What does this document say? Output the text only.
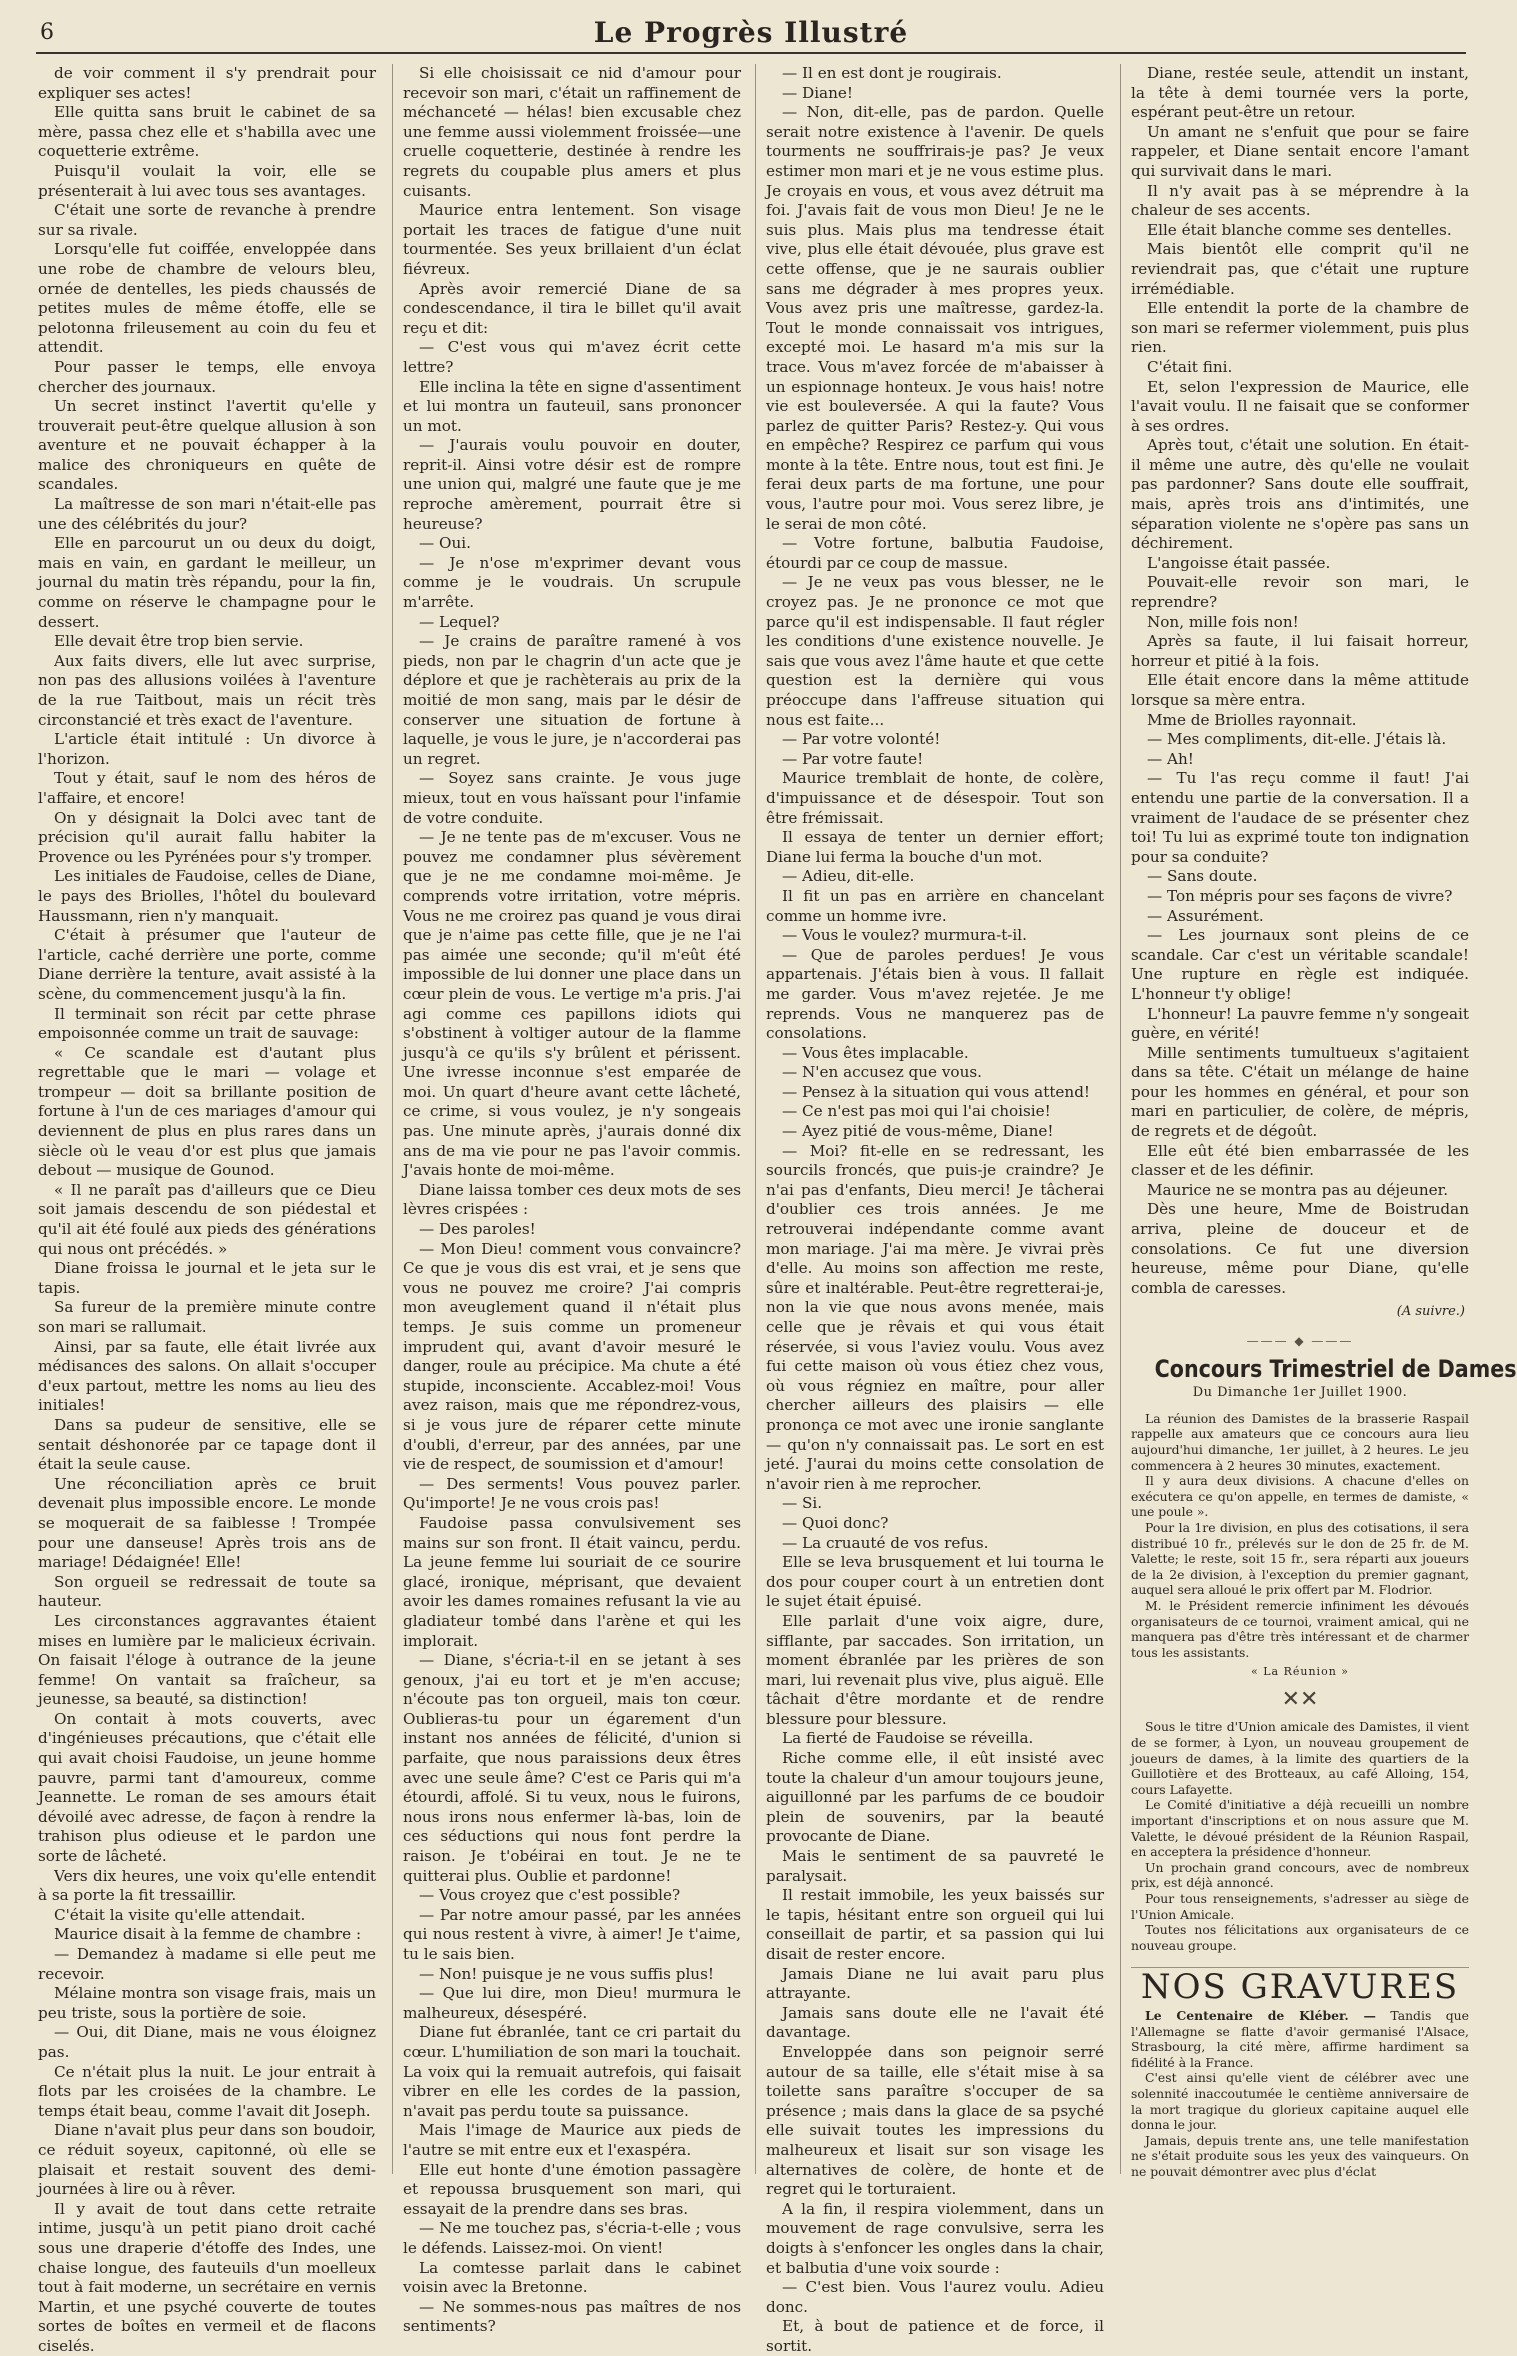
6	Le Progrès Illustré

de voir comment il s'y prendrait pour expliquer ses actes!

Elle quitta sans bruit le cabinet de sa mère, passa chez elle et s'habilla avec une coquetterie extrême.

Puisqu'il voulait la voir, elle se présenterait à lui avec tous ses avantages.

C'était une sorte de revanche à prendre sur sa rivale.

Lorsqu'elle fut coiffée, enveloppée dans une robe de chambre de velours bleu, ornée de dentelles, les pieds chaussés de petites mules de même étoffe, elle se pelotonna frileusement au coin du feu et attendit.

Pour passer le temps, elle envoya chercher des journaux.

Un secret instinct l'avertit qu'elle y trouverait peut-être quelque allusion à son aventure et ne pouvait échapper à la malice des chroniqueurs en quête de scandales.

La maîtresse de son mari n'était-elle pas une des célébrités du jour?

Elle en parcourut un ou deux du doigt, mais en vain, en gardant le meilleur, un journal du matin très répandu, pour la fin, comme on réserve le champagne pour le dessert.

Elle devait être trop bien servie.

Aux faits divers, elle lut avec surprise, non pas des allusions voilées à l'aventure de la rue Taitbout, mais un récit très circonstancié et très exact de l'aventure.

L'article était intitulé : Un divorce à l'horizon.

Tout y était, sauf le nom des héros de l'affaire, et encore!

On y désignait la Dolci avec tant de précision qu'il aurait fallu habiter la Provence ou les Pyrénées pour s'y tromper.

Les initiales de Faudoise, celles de Diane, le pays des Briolles, l'hôtel du boulevard Haussmann, rien n'y manquait.

C'était à présumer que l'auteur de l'article, caché derrière une porte, comme Diane derrière la tenture, avait assisté à la scène, du commencement jusqu'à la fin.

Il terminait son récit par cette phrase empoisonnée comme un trait de sauvage:

« Ce scandale est d'autant plus regrettable que le mari — volage et trompeur — doit sa brillante position de fortune à l'un de ces mariages d'amour qui deviennent de plus en plus rares dans un siècle où le veau d'or est plus que jamais debout — musique de Gounod.

« Il ne paraît pas d'ailleurs que ce Dieu soit jamais descendu de son piédestal et qu'il ait été foulé aux pieds des générations qui nous ont précédés. »

Diane froissa le journal et le jeta sur le tapis.

Sa fureur de la première minute contre son mari se rallumait.

Ainsi, par sa faute, elle était livrée aux médisances des salons. On allait s'occuper d'eux partout, mettre les noms au lieu des initiales!

Dans sa pudeur de sensitive, elle se sentait déshonorée par ce tapage dont il était la seule cause.

Une réconciliation après ce bruit devenait plus impossible encore. Le monde se moquerait de sa faiblesse ! Trompée pour une danseuse! Après trois ans de mariage! Dédaignée! Elle!

Son orgueil se redressait de toute sa hauteur.

Les circonstances aggravantes étaient mises en lumière par le malicieux écrivain. On faisait l'éloge à outrance de la jeune femme! On vantait sa fraîcheur, sa jeunesse, sa beauté, sa distinction!

On contait à mots couverts, avec d'ingénieuses précautions, que c'était elle qui avait choisi Faudoise, un jeune homme pauvre, parmi tant d'amoureux, comme Jeannette. Le roman de ses amours était dévoilé avec adresse, de façon à rendre la trahison plus odieuse et le pardon une sorte de lâcheté.

Vers dix heures, une voix qu'elle entendit à sa porte la fit tressaillir.

C'était la visite qu'elle attendait.

Maurice disait à la femme de chambre :

— Demandez à madame si elle peut me recevoir.

Mélaine montra son visage frais, mais un peu triste, sous la portière de soie.

— Oui, dit Diane, mais ne vous éloignez pas.

Ce n'était plus la nuit. Le jour entrait à flots par les croisées de la chambre. Le temps était beau, comme l'avait dit Joseph.

Diane n'avait plus peur dans son boudoir, ce réduit soyeux, capitonné, où elle se plaisait et restait souvent des demi-journées à lire ou à rêver.

Il y avait de tout dans cette retraite intime, jusqu'à un petit piano droit caché sous une draperie d'étoffe des Indes, une chaise longue, des fauteuils d'un moelleux tout à fait moderne, un secrétaire en vernis Martin, et une psyché couverte de toutes sortes de boîtes en vermeil et de flacons ciselés.

Si elle choisissait ce nid d'amour pour recevoir son mari, c'était un raffinement de méchanceté — hélas! bien excusable chez une femme aussi violemment froissée—une cruelle coquetterie, destinée à rendre les regrets du coupable plus amers et plus cuisants.

Maurice entra lentement. Son visage portait les traces de fatigue d'une nuit tourmentée. Ses yeux brillaient d'un éclat fiévreux.

Après avoir remercié Diane de sa condescendance, il tira le billet qu'il avait reçu et dit:

— C'est vous qui m'avez écrit cette lettre?

Elle inclina la tête en signe d'assentiment et lui montra un fauteuil, sans prononcer un mot.

— J'aurais voulu pouvoir en douter, reprit-il. Ainsi votre désir est de rompre une union qui, malgré une faute que je me reproche amèrement, pourrait être si heureuse?

— Oui.

— Je n'ose m'exprimer devant vous comme je le voudrais. Un scrupule m'arrête.

— Lequel?

— Je crains de paraître ramené à vos pieds, non par le chagrin d'un acte que je déplore et que je rachèterais au prix de la moitié de mon sang, mais par le désir de conserver une situation de fortune à laquelle, je vous le jure, je n'accorderai pas un regret.

— Soyez sans crainte. Je vous juge mieux, tout en vous haïssant pour l'infamie de votre conduite.

— Je ne tente pas de m'excuser. Vous ne pouvez me condamner plus sévèrement que je ne me condamne moi-même. Je comprends votre irritation, votre mépris. Vous ne me croirez pas quand je vous dirai que je n'aime pas cette fille, que je ne l'ai pas aimée une seconde; qu'il m'eût été impossible de lui donner une place dans un cœur plein de vous. Le vertige m'a pris. J'ai agi comme ces papillons idiots qui s'obstinent à voltiger autour de la flamme jusqu'à ce qu'ils s'y brûlent et périssent. Une ivresse inconnue s'est emparée de moi. Un quart d'heure avant cette lâcheté, ce crime, si vous voulez, je n'y songeais pas. Une minute après, j'aurais donné dix ans de ma vie pour ne pas l'avoir commis. J'avais honte de moi-même.

Diane laissa tomber ces deux mots de ses lèvres crispées :

— Des paroles!

— Mon Dieu! comment vous convaincre? Ce que je vous dis est vrai, et je sens que vous ne pouvez me croire? J'ai compris mon aveuglement quand il n'était plus temps. Je suis comme un promeneur imprudent qui, avant d'avoir mesuré le danger, roule au précipice. Ma chute a été stupide, inconsciente. Accablez-moi! Vous avez raison, mais que me répondrez-vous, si je vous jure de réparer cette minute d'oubli, d'erreur, par des années, par une vie de respect, de soumission et d'amour!

— Des serments! Vous pouvez parler. Qu'importe! Je ne vous crois pas!

Faudoise passa convulsivement ses mains sur son front. Il était vaincu, perdu. La jeune femme lui souriait de ce sourire glacé, ironique, méprisant, que devaient avoir les dames romaines refusant la vie au gladiateur tombé dans l'arène et qui les implorait.

— Diane, s'écria-t-il en se jetant à ses genoux, j'ai eu tort et je m'en accuse; n'écoute pas ton orgueil, mais ton cœur. Oublieras-tu pour un égarement d'un instant nos années de félicité, d'union si parfaite, que nous paraissions deux êtres avec une seule âme? C'est ce Paris qui m'a étourdi, affolé. Si tu veux, nous le fuirons, nous irons nous enfermer là-bas, loin de ces séductions qui nous font perdre la raison. Je t'obéirai en tout. Je ne te quitterai plus. Oublie et pardonne!

— Vous croyez que c'est possible?

— Par notre amour passé, par les années qui nous restent à vivre, à aimer! Je t'aime, tu le sais bien.

— Non! puisque je ne vous suffis plus!

— Que lui dire, mon Dieu! murmura le malheureux, désespéré.

Diane fut ébranlée, tant ce cri partait du cœur. L'humiliation de son mari la touchait. La voix qui la remuait autrefois, qui faisait vibrer en elle les cordes de la passion, n'avait pas perdu toute sa puissance.

Mais l'image de Maurice aux pieds de l'autre se mit entre eux et l'exaspéra.

Elle eut honte d'une émotion passagère et repoussa brusquement son mari, qui essayait de la prendre dans ses bras.

— Ne me touchez pas, s'écria-t-elle ; vous le défends. Laissez-moi. On vient!

La comtesse parlait dans le cabinet voisin avec la Bretonne.

— Ne sommes-nous pas maîtres de nos sentiments?

— Il en est dont je rougirais.

— Diane!

— Non, dit-elle, pas de pardon. Quelle serait notre existence à l'avenir. De quels tourments ne souffrirais-je pas? Je veux estimer mon mari et je ne vous estime plus. Je croyais en vous, et vous avez détruit ma foi. J'avais fait de vous mon Dieu! Je ne le suis plus. Mais plus ma tendresse était vive, plus elle était dévouée, plus grave est cette offense, que je ne saurais oublier sans me dégrader à mes propres yeux. Vous avez pris une maîtresse, gardez-la. Tout le monde connaissait vos intrigues, excepté moi. Le hasard m'a mis sur la trace. Vous m'avez forcée de m'abaisser à un espionnage honteux. Je vous hais! notre vie est bouleversée. A qui la faute? Vous parlez de quitter Paris? Restez-y. Qui vous en empêche? Respirez ce parfum qui vous monte à la tête. Entre nous, tout est fini. Je ferai deux parts de ma fortune, une pour vous, l'autre pour moi. Vous serez libre, je le serai de mon côté.

— Votre fortune, balbutia Faudoise, étourdi par ce coup de massue.

— Je ne veux pas vous blesser, ne le croyez pas. Je ne prononce ce mot que parce qu'il est indispensable. Il faut régler les conditions d'une existence nouvelle. Je sais que vous avez l'âme haute et que cette question est la dernière qui vous préoccupe dans l'affreuse situation qui nous est faite...

— Par votre volonté!

— Par votre faute!

Maurice tremblait de honte, de colère, d'impuissance et de désespoir. Tout son être frémissait.

Il essaya de tenter un dernier effort; Diane lui ferma la bouche d'un mot.

— Adieu, dit-elle.

Il fit un pas en arrière en chancelant comme un homme ivre.

— Vous le voulez? murmura-t-il.

— Que de paroles perdues! Je vous appartenais. J'étais bien à vous. Il fallait me garder. Vous m'avez rejetée. Je me reprends. Vous ne manquerez pas de consolations.

— Vous êtes implacable.

— N'en accusez que vous.

— Pensez à la situation qui vous attend!

— Ce n'est pas moi qui l'ai choisie!

— Ayez pitié de vous-même, Diane!

— Moi? fit-elle en se redressant, les sourcils froncés, que puis-je craindre? Je n'ai pas d'enfants, Dieu merci! Je tâcherai d'oublier ces trois années. Je me retrouverai indépendante comme avant mon mariage. J'ai ma mère. Je vivrai près d'elle. Au moins son affection me reste, sûre et inaltérable. Peut-être regretterai-je, non la vie que nous avons menée, mais celle que je rêvais et qui vous était réservée, si vous l'aviez voulu. Vous avez fui cette maison où vous étiez chez vous, où vous régniez en maître, pour aller chercher ailleurs des plaisirs — elle prononça ce mot avec une ironie sanglante — qu'on n'y connaissait pas. Le sort en est jeté. J'aurai du moins cette consolation de n'avoir rien à me reprocher.

— Si.

— Quoi donc?

— La cruauté de vos refus.

Elle se leva brusquement et lui tourna le dos pour couper court à un entretien dont le sujet était épuisé.

Elle parlait d'une voix aigre, dure, sifflante, par saccades. Son irritation, un moment ébranlée par les prières de son mari, lui revenait plus vive, plus aiguë. Elle tâchait d'être mordante et de rendre blessure pour blessure.

La fierté de Faudoise se réveilla.

Riche comme elle, il eût insisté avec toute la chaleur d'un amour toujours jeune, aiguillonné par les parfums de ce boudoir plein de souvenirs, par la beauté provocante de Diane.

Mais le sentiment de sa pauvreté le paralysait.

Il restait immobile, les yeux baissés sur le tapis, hésitant entre son orgueil qui lui conseillait de partir, et sa passion qui lui disait de rester encore.

Jamais Diane ne lui avait paru plus attrayante.

Jamais sans doute elle ne l'avait été davantage.

Enveloppée dans son peignoir serré autour de sa taille, elle s'était mise à sa toilette sans paraître s'occuper de sa présence ; mais dans la glace de sa psyché elle suivait toutes les impressions du malheureux et lisait sur son visage les alternatives de colère, de honte et de regret qui le torturaient.

A la fin, il respira violemment, dans un mouvement de rage convulsive, serra les doigts à s'enfoncer les ongles dans la chair, et balbutia d'une voix sourde :

— C'est bien. Vous l'aurez voulu. Adieu donc.

Et, à bout de patience et de force, il sortit.

Diane, restée seule, attendit un instant, la tête à demi tournée vers la porte, espérant peut-être un retour.

Un amant ne s'enfuit que pour se faire rappeler, et Diane sentait encore l'amant qui survivait dans le mari.

Il n'y avait pas à se méprendre à la chaleur de ses accents.

Elle était blanche comme ses dentelles.

Mais bientôt elle comprit qu'il ne reviendrait pas, que c'était une rupture irrémédiable.

Elle entendit la porte de la chambre de son mari se refermer violemment, puis plus rien.

C'était fini.

Et, selon l'expression de Maurice, elle l'avait voulu. Il ne faisait que se conformer à ses ordres.

Après tout, c'était une solution. En était-il même une autre, dès qu'elle ne voulait pas pardonner? Sans doute elle souffrait, mais, après trois ans d'intimités, une séparation violente ne s'opère pas sans un déchirement.

L'angoisse était passée.

Pouvait-elle revoir son mari, le reprendre?

Non, mille fois non!

Après sa faute, il lui faisait horreur, horreur et pitié à la fois.

Elle était encore dans la même attitude lorsque sa mère entra.

Mme de Briolles rayonnait.

— Mes compliments, dit-elle. J'étais là.

— Ah!

— Tu l'as reçu comme il faut! J'ai entendu une partie de la conversation. Il a vraiment de l'audace de se présenter chez toi! Tu lui as exprimé toute ton indignation pour sa conduite?

— Sans doute.

— Ton mépris pour ses façons de vivre?

— Assurément.

— Les journaux sont pleins de ce scandale. Car c'est un véritable scandale! Une rupture en règle est indiquée. L'honneur t'y oblige!

L'honneur! La pauvre femme n'y songeait guère, en vérité!

Mille sentiments tumultueux s'agitaient dans sa tête. C'était un mélange de haine pour les hommes en général, et pour son mari en particulier, de colère, de mépris, de regrets et de dégoût.

Elle eût été bien embarrassée de les classer et de les définir.

Maurice ne se montra pas au déjeuner.

Dès une heure, Mme de Boistrudan arriva, pleine de douceur et de consolations. Ce fut une diversion heureuse, même pour Diane, qu'elle combla de caresses.

(A suivre.)

——— ◆ ———
Concours Trimestriel de Dames
Du Dimanche 1er Juillet 1900.

La réunion des Damistes de la brasserie Raspail rappelle aux amateurs que ce concours aura lieu aujourd'hui dimanche, 1er juillet, à 2 heures. Le jeu commencera à 2 heures 30 minutes, exactement.

Il y aura deux divisions. A chacune d'elles on exécutera ce qu'on appelle, en termes de damiste, « une poule ».

Pour la 1re division, en plus des cotisations, il sera distribué 10 fr., prélevés sur le don de 25 fr. de M. Valette; le reste, soit 15 fr., sera réparti aux joueurs de la 2e division, à l'exception du premier gagnant, auquel sera alloué le prix offert par M. Flodrior.

M. le Président remercie infiniment les dévoués organisateurs de ce tournoi, vraiment amical, qui ne manquera pas d'être très intéressant et de charmer tous les assistants.

« La Réunion »

✕✕

Sous le titre d'Union amicale des Damistes, il vient de se former, à Lyon, un nouveau groupement de joueurs de dames, à la limite des quartiers de la Guillotière et des Brotteaux, au café Alloing, 154, cours Lafayette.

Le Comité d'initiative a déjà recueilli un nombre important d'inscriptions et on nous assure que M. Valette, le dévoué président de la Réunion Raspail, en acceptera la présidence d'honneur.

Un prochain grand concours, avec de nombreux prix, est déjà annoncé.

Pour tous renseignements, s'adresser au siège de l'Union Amicale.

Toutes nos félicitations aux organisateurs de ce nouveau groupe.

NOS GRAVURES

Le Centenaire de Kléber. — Tandis que l'Allemagne se flatte d'avoir germanisé l'Alsace, Strasbourg, la cité mère, affirme hardiment sa fidélité à la France.

C'est ainsi qu'elle vient de célébrer avec une solennité inaccoutumée le centième anniversaire de la mort tragique du glorieux capitaine auquel elle donna le jour.

Jamais, depuis trente ans, une telle manifestation ne s'était produite sous les yeux des vainqueurs. On ne pouvait démontrer avec plus d'éclat
